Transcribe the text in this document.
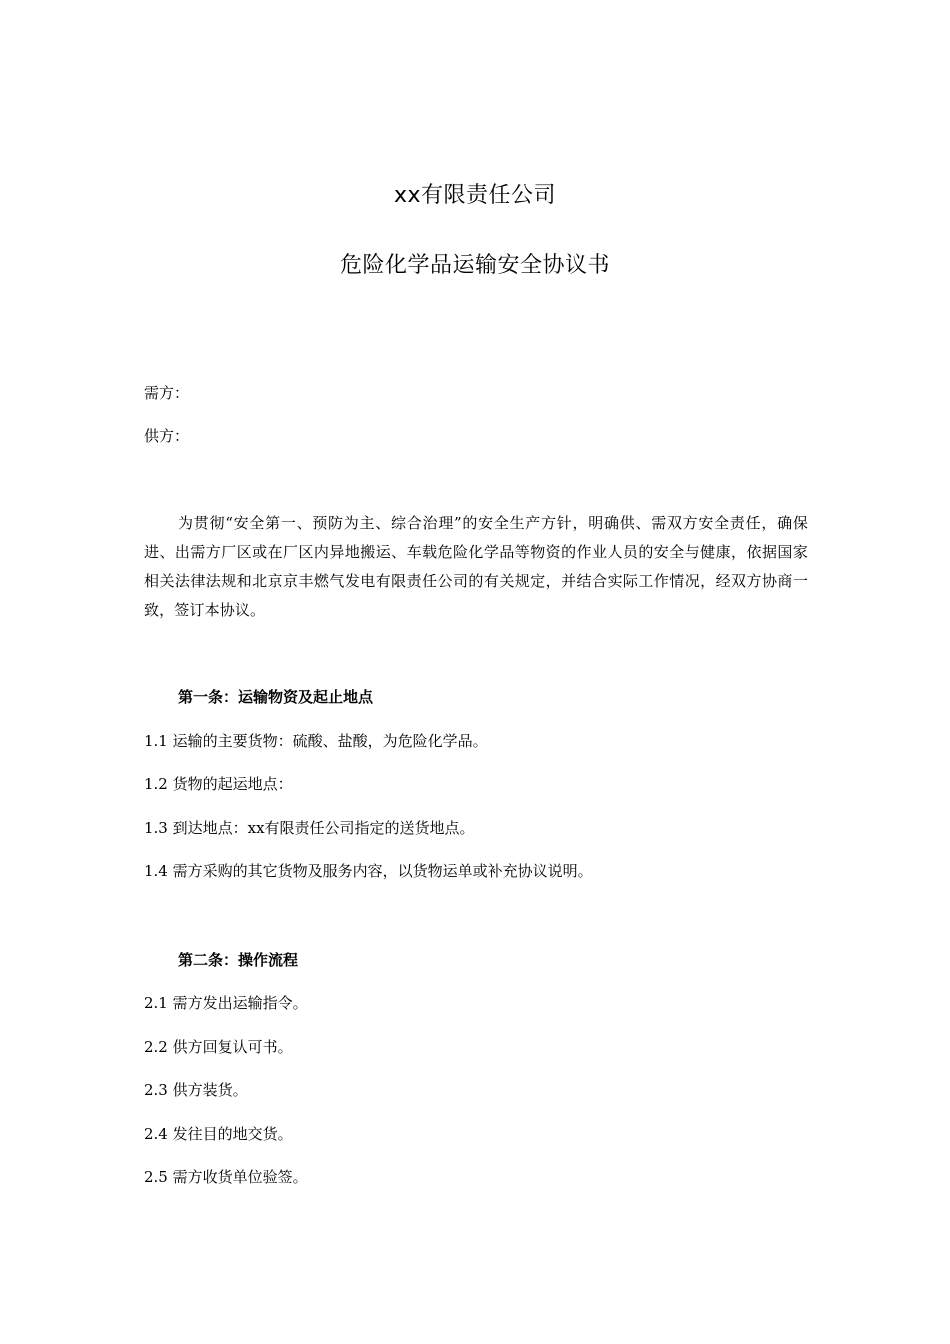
xx有限责任公司
危险化学品运输安全协议书
需方：
供方：
为贯彻“安全第一、预防为主、综合治理”的安全生产方针，明确供、需双方安全责任，确保进、出需方厂区或在厂区内异地搬运、车载危险化学品等物资的作业人员的安全与健康，依据国家相关法律法规和北京京丰燃气发电有限责任公司的有关规定，并结合实际工作情况，经双方协商一致，签订本协议。
第一条：运输物资及起止地点
1.1 运输的主要货物：硫酸、盐酸，为危险化学品。
1.2 货物的起运地点：
1.3 到达地点：xx有限责任公司指定的送货地点。
1.4 需方采购的其它货物及服务内容，以货物运单或补充协议说明。
第二条：操作流程
2.1 需方发出运输指令。
2.2 供方回复认可书。
2.3 供方装货。
2.4 发往目的地交货。
2.5 需方收货单位验签。
